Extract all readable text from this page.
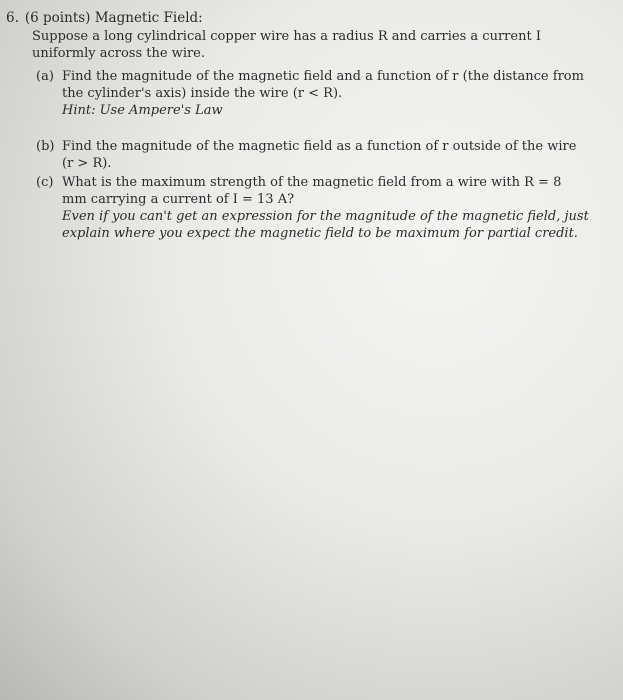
6. (6 points) Magnetic Field:
Suppose a long cylindrical copper wire has a radius R and carries a current I uniformly across the wire.
(a) Find the magnitude of the magnetic field and a function of r (the distance from the cylinder's axis) inside the wire (r < R).
Hint: Use Ampere's Law
(b) Find the magnitude of the magnetic field as a function of r outside of the wire (r > R).
(c) What is the maximum strength of the magnetic field from a wire with R = 8 mm carrying a current of I = 13 A?
Even if you can't get an expression for the magnitude of the magnetic field, just explain where you expect the magnetic field to be maximum for partial credit.
